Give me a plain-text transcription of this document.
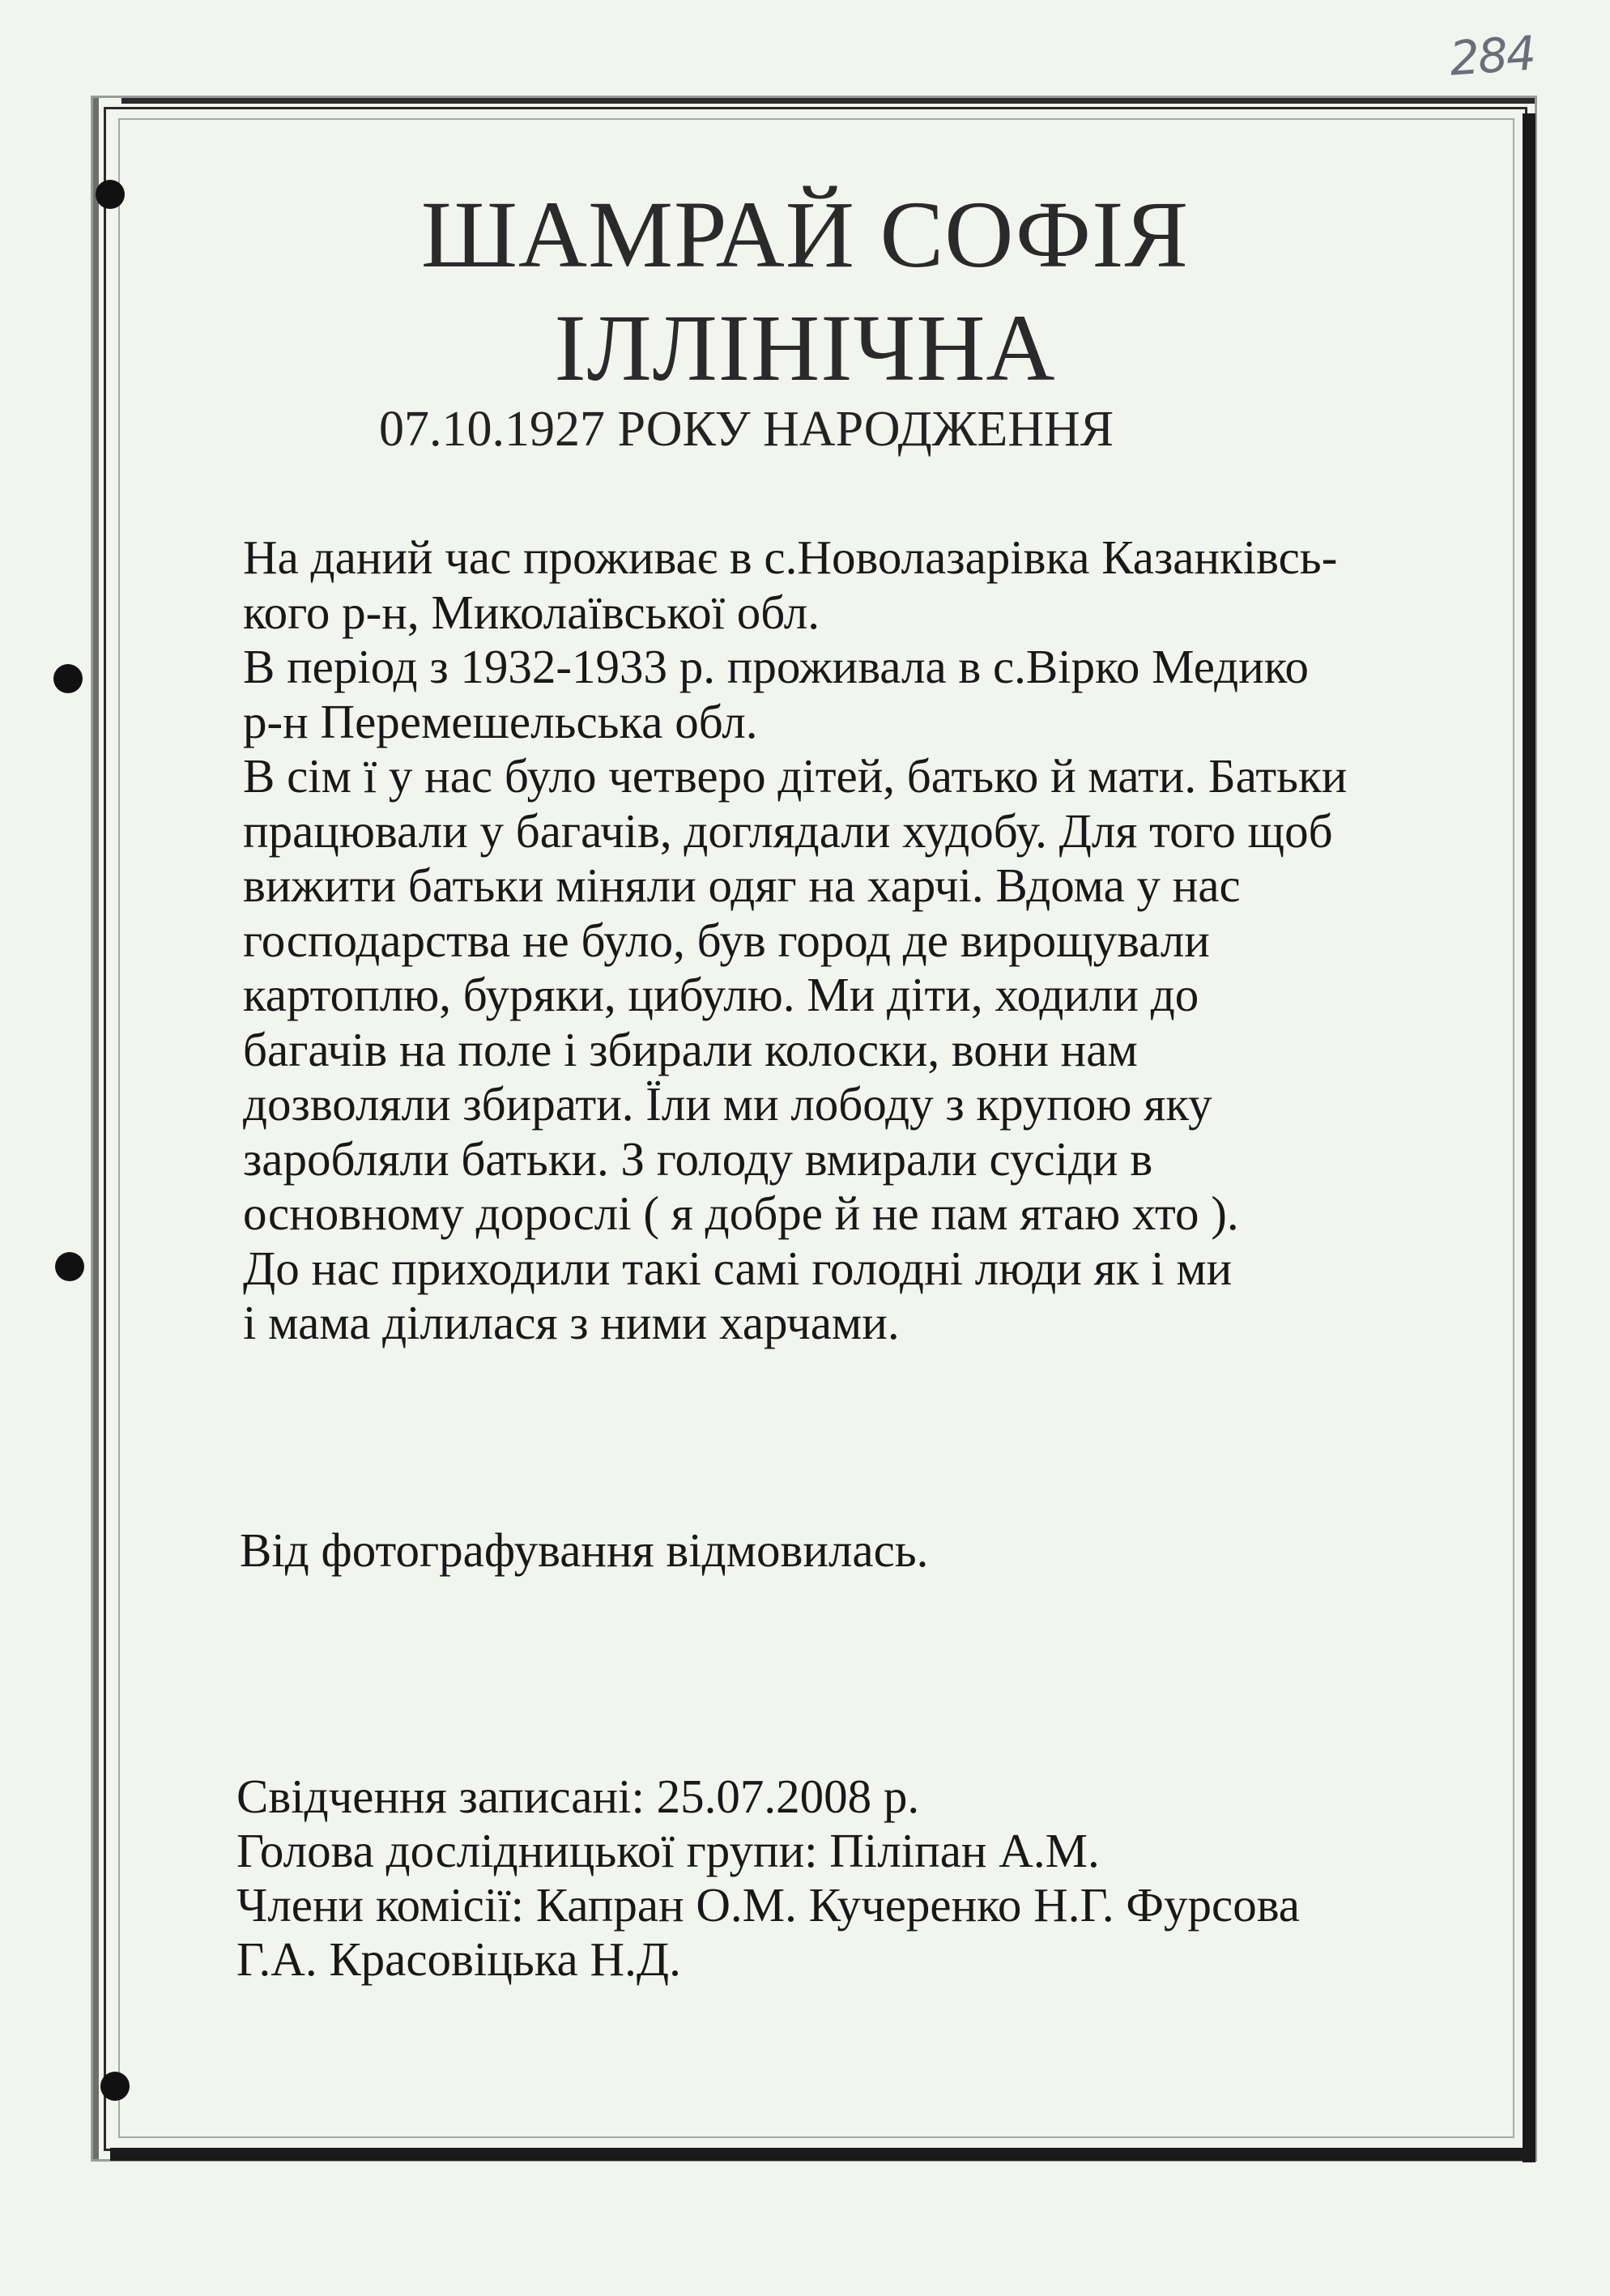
284
ШАМРАЙ СОФІЯ
ІЛЛІНІЧНА
07.10.1927 РОКУ НАРОДЖЕННЯ

На даний час проживає в с.Новолазарівка Казанківсь-

кого р-н, Миколаївської обл.

В період з 1932-1933 р. проживала в с.Вірко Медико

р-н Перемешельська обл.

В сім ї у нас було четверо дітей, батько й мати. Батьки

працювали у багачів, доглядали худобу. Для того щоб

вижити батьки міняли одяг на харчі. Вдома у нас

господарства не було, був город де вирощували

картоплю, буряки, цибулю. Ми діти, ходили до

багачів на поле і збирали колоски, вони нам

дозволяли збирати. Їли ми лободу з крупою яку

заробляли батьки. З голоду вмирали сусіди в

основному дорослі ( я добре й не пам ятаю хто ).

До нас приходили такі самі голодні люди як і ми

і мама ділилася з ними харчами.

Від фотографування відмовилась.

Свідчення записані: 25.07.2008 р.

Голова дослідницької групи: Піліпан А.М.

Члени комісії: Капран О.М. Кучеренко Н.Г. Фурсова

Г.А. Красовіцька Н.Д.
